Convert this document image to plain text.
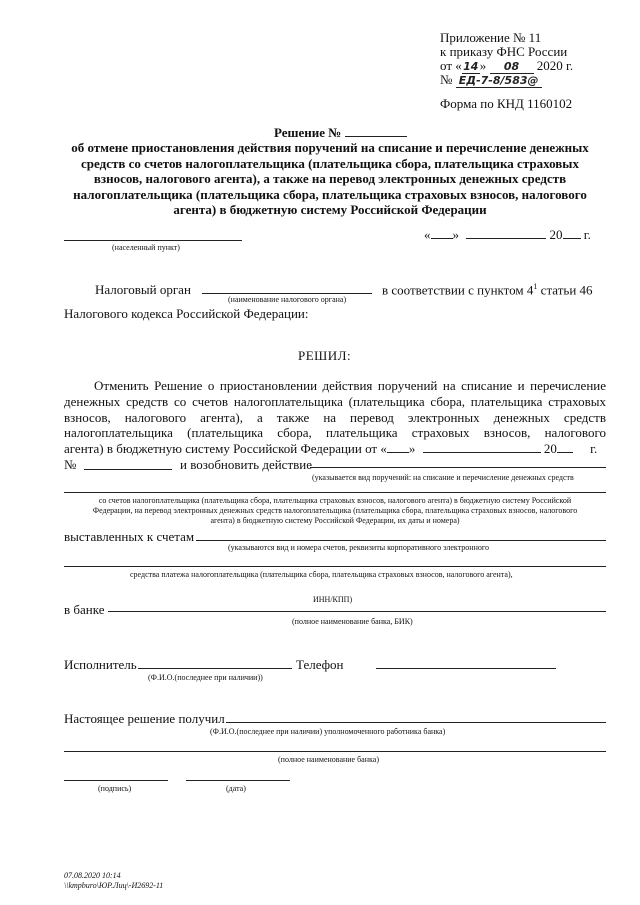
Приложение № 11
к приказу ФНС России
от «14» 08 2020 г.
№ ЕД-7-8/583@
Форма по КНД 1160102
Решение №
об отмене приостановления действия поручений на списание и перечисление денежных
средств со счетов налогоплательщика (плательщика сбора, плательщика страховых
взносов, налогового агента), а также на перевод электронных денежных средств
налогоплательщика (плательщика сбора, плательщика страховых взносов, налогового
агента) в бюджетную систему Российской Федерации
(населенный пункт)
« »	20 г.
Налоговый орган	в соответствии с пунктом $4^1$ статьи 46
(наименование налогового органа)
Налогового кодекса Российской Федерации:
РЕШИЛ:
Отменить Решение о приостановлении действия поручений на списание и перечисление
денежных средств со счетов налогоплательщика (плательщика сбора, плательщика страховых
взносов, налогового агента), а также на перевод электронных денежных средств
налогоплательщика (плательщика сбора, плательщика страховых взносов, налогового
агента) в бюджетную систему Российской Федерации от « »	20	г.
№	и возобновить действие
(указывается вид поручений: на списание и перечисление денежных средств
со счетов налогоплательщика (плательщика сбора, плательщика страховых взносов, налогового агента) в бюджетную систему Российской
Федерации, на перевод электронных денежных средств налогоплательщика (плательщика сбора, плательщика страховых взносов, налогового
агента) в бюджетную систему Российской Федерации, их даты и номера)
выставленных к счетам
(указываются вид и номера счетов, реквизиты корпоративного электронного
средства платежа налогоплательщика (плательщика сбора, плательщика страховых взносов, налогового агента),
ИНН/КПП)
в банке
(полное наименование банка, БИК)
Исполнитель	Телефон
(Ф.И.О.(последнее при наличии))
Настоящее решение получил
(Ф.И.О.(последнее при наличии) уполномоченного работника банка)
(полное наименование банка)
(подпись)	(дата)
07.08.2020 10:14
\\kmpburo\ЮР.Лиц\-И2692-11
